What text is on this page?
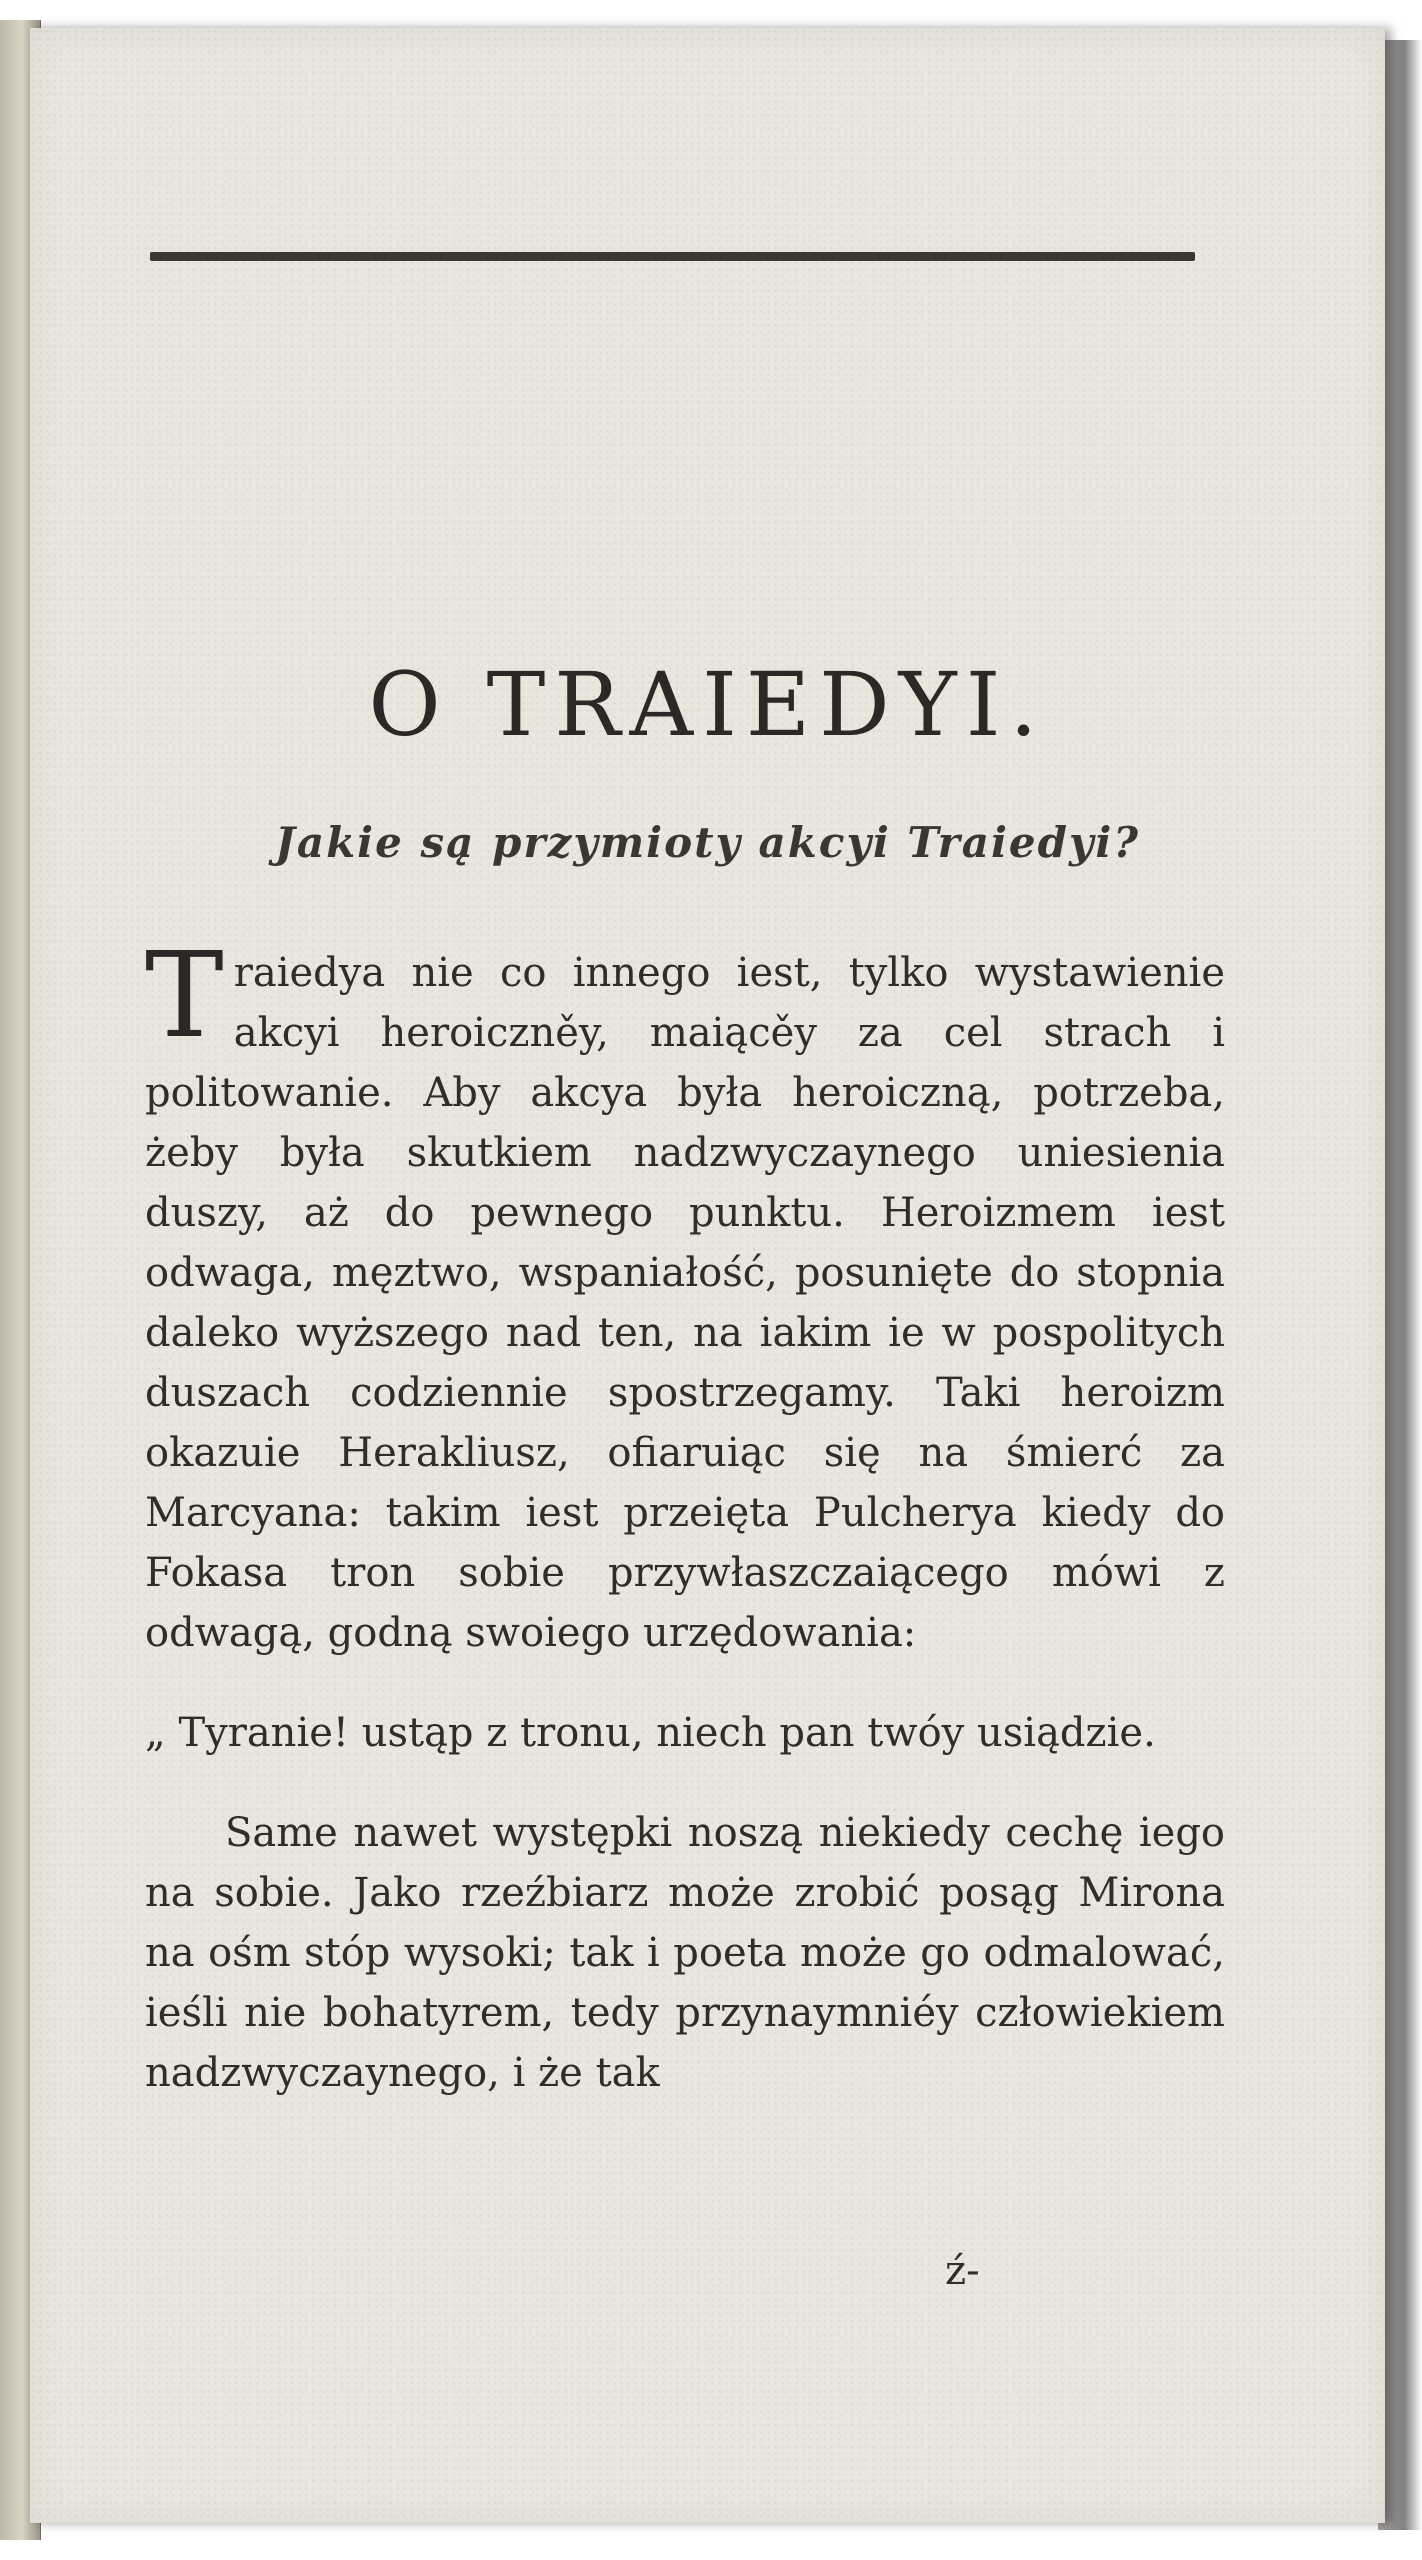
O TRAIEDYI.
Jakie są przymioty akcyi Traiedyi?

Traiedya nie co innego iest, tylko wystawienie akcyi heroiczněy, maiącěy za cel strach i politowanie. Aby akcya była heroiczną, potrzeba, żeby była skutkiem nadzwyczaynego uniesienia duszy, aż do pewnego punktu. Heroizmem iest odwaga, męztwo, wspaniałość, posunięte do stopnia daleko wyższego nad ten, na iakim ie w pospolitych duszach codziennie spostrzegamy. Taki heroizm okazuie Herakliusz, ofiaruiąc się na śmierć za Marcyana: takim iest przeięta Pulcherya kiedy do Fokasa tron sobie przywłaszczaiącego mówi z odwagą, godną swoiego urzędowania:

„ Tyranie! ustąp z tronu, niech pan twóy usiądzie.

Same nawet występki noszą niekiedy cechę iego na sobie. Jako rzeźbiarz może zrobić posąg Mirona na ośm stóp wysoki; tak i poeta może go odmalować, ieśli nie bohatyrem, tedy przynaymniéy człowiekiem nadzwyczaynego, i że tak

ź-
